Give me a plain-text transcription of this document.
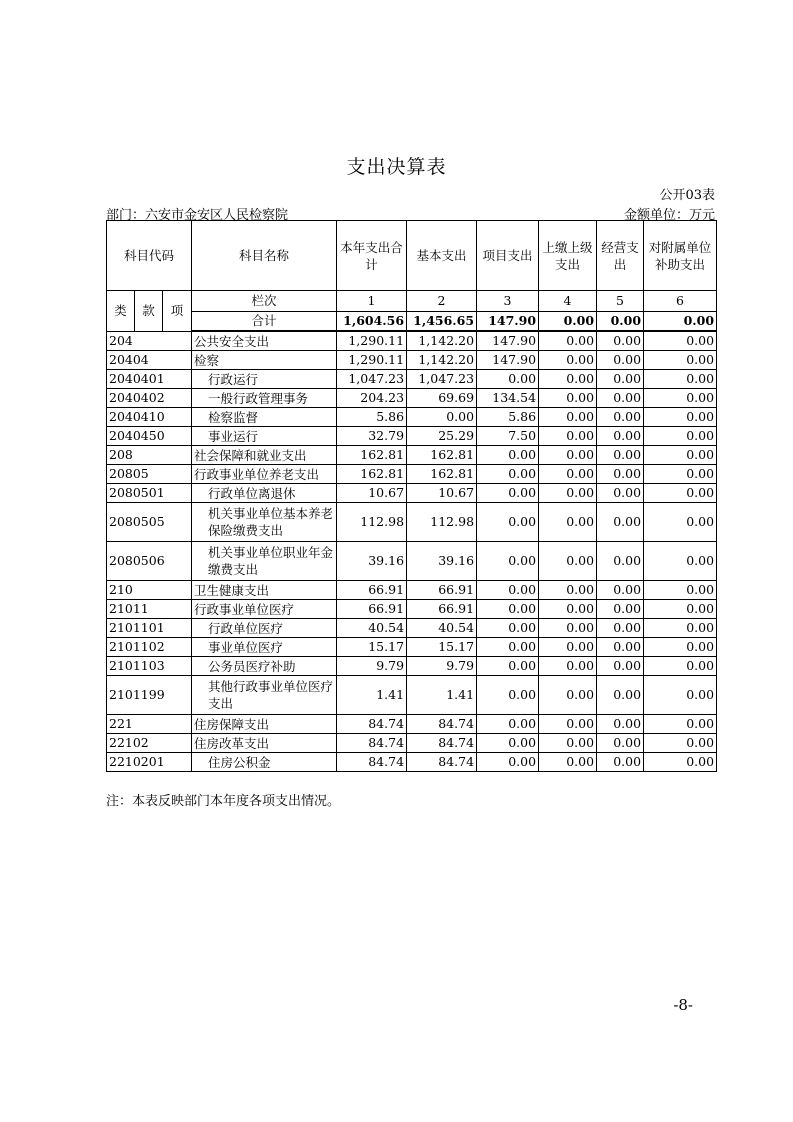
支出决算表
公开03表
部门：六安市金安区人民检察院	金额单位：万元
科目代码			科目名称	本年支出合计	基本支出	项目支出	上缴上级支出	经营支出	对附属单位补助支出
类	款	项	栏次	1	2	3	4	5	6
			合计	1,604.56	1,456.65	147.90	0.00	0.00	0.00
204			公共安全支出	1,290.11	1,142.20	147.90	0.00	0.00	0.00
20404			检察	1,290.11	1,142.20	147.90	0.00	0.00	0.00
2040401			行政运行	1,047.23	1,047.23	0.00	0.00	0.00	0.00
2040402			一般行政管理事务	204.23	69.69	134.54	0.00	0.00	0.00
2040410			检察监督	5.86	0.00	5.86	0.00	0.00	0.00
2040450			事业运行	32.79	25.29	7.50	0.00	0.00	0.00
208			社会保障和就业支出	162.81	162.81	0.00	0.00	0.00	0.00
20805			行政事业单位养老支出	162.81	162.81	0.00	0.00	0.00	0.00
2080501			行政单位离退休	10.67	10.67	0.00	0.00	0.00	0.00
2080505			机关事业单位基本养老保险缴费支出	112.98	112.98	0.00	0.00	0.00	0.00
2080506			机关事业单位职业年金缴费支出	39.16	39.16	0.00	0.00	0.00	0.00
210			卫生健康支出	66.91	66.91	0.00	0.00	0.00	0.00
21011			行政事业单位医疗	66.91	66.91	0.00	0.00	0.00	0.00
2101101			行政单位医疗	40.54	40.54	0.00	0.00	0.00	0.00
2101102			事业单位医疗	15.17	15.17	0.00	0.00	0.00	0.00
2101103			公务员医疗补助	9.79	9.79	0.00	0.00	0.00	0.00
2101199			其他行政事业单位医疗支出	1.41	1.41	0.00	0.00	0.00	0.00
221			住房保障支出	84.74	84.74	0.00	0.00	0.00	0.00
22102			住房改革支出	84.74	84.74	0.00	0.00	0.00	0.00
2210201			住房公积金	84.74	84.74	0.00	0.00	0.00	0.00
注：本表反映部门本年度各项支出情况。
-8-
